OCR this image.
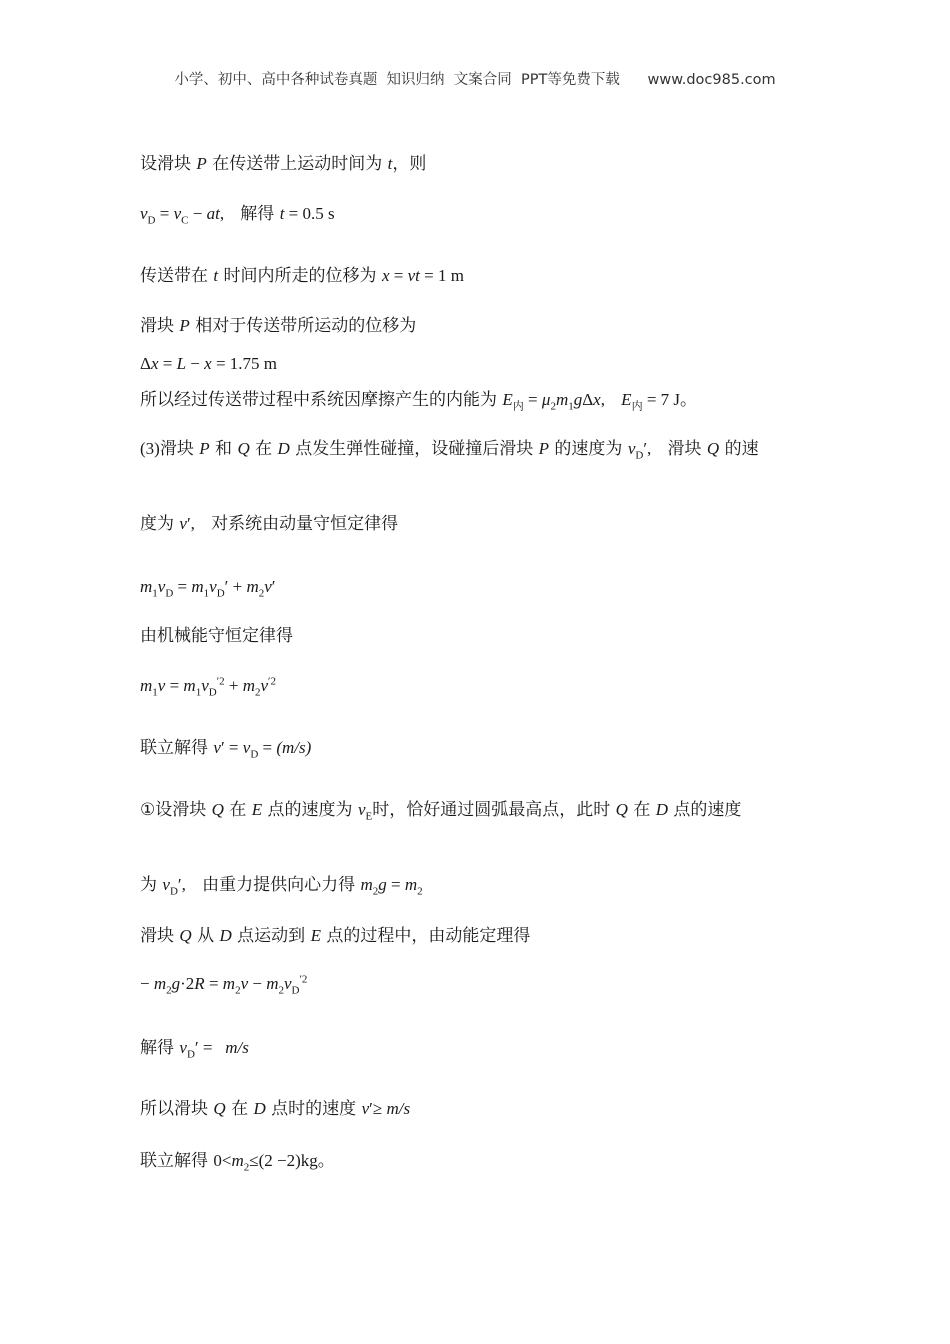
小学、初中、高中各种试卷真题  知识归纳  文案合同  PPT等免费下载      www.doc985.com
设滑块 P 在传送带上运动时间为 t，则
$v_D = v_C$ − at,   解得 t = 0.5 s
传送带在 t 时间内所走的位移为 x = vt = 1 m
滑块 P 相对于传送带所运动的位移为
Δx = L − x = 1.75 m
所以经过传送带过程中系统因摩擦产生的内能为 $E_内 = \mu_2m_1g\Delta x$, $E_内 = 7$ J。
(3)滑块 P 和 Q 在 D 点发生弹性碰撞，设碰撞后滑块 P 的速度为 $v_D'$,   滑块 Q 的速
度为 v′,   对系统由动量守恒定律得
$m_1v_D = m_1v_D' + m_2v'$
由机械能守恒定律得
$m_1v = m_1v_D^{'2} + m_2v^{'2}$
联立解得 $v' = v_D = (m/s)$
①设滑块 Q 在 E 点的速度为 $v_E$时，恰好通过圆弧最高点，此时 Q 在 D 点的速度
为 $v_D'$,   由重力提供向心力得 $m_2g = m_2$
滑块 Q 从 D 点运动到 E 点的过程中，由动能定理得
− $m_2g\cdot 2R = m_2v - m_2v_D^{'2}$
解得 $v_D' = m/s$
所以滑块 Q 在 D 点时的速度 v′≥ m/s
联立解得 $0<m_2\le(2 -2)kg$。
